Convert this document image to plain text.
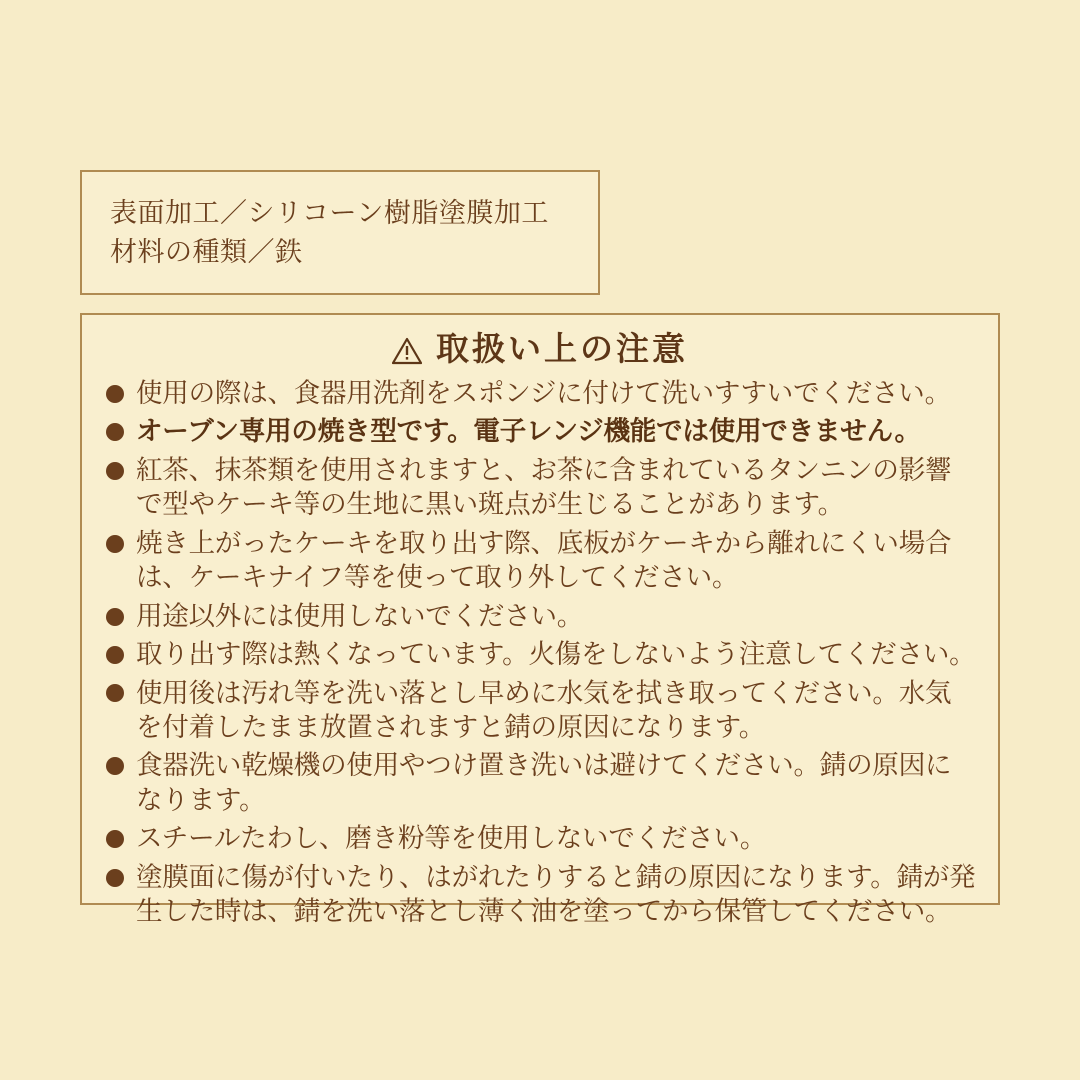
表面加工／シリコーン樹脂塗膜加工
材料の種類／鉄
取扱い上の注意
使用の際は、食器用洗剤をスポンジに付けて洗いすすいでください。
オーブン専用の焼き型です。電子レンジ機能では使用できません。
紅茶、抹茶類を使用されますと、お茶に含まれているタンニンの影響で型やケーキ等の生地に黒い斑点が生じることがあります。
焼き上がったケーキを取り出す際、底板がケーキから離れにくい場合は、ケーキナイフ等を使って取り外してください。
用途以外には使用しないでください。
取り出す際は熱くなっています。火傷をしないよう注意してください。
使用後は汚れ等を洗い落とし早めに水気を拭き取ってください。水気を付着したまま放置されますと錆の原因になります。
食器洗い乾燥機の使用やつけ置き洗いは避けてください。錆の原因になります。
スチールたわし、磨き粉等を使用しないでください。
塗膜面に傷が付いたり、はがれたりすると錆の原因になります。錆が発生した時は、錆を洗い落とし薄く油を塗ってから保管してください。
